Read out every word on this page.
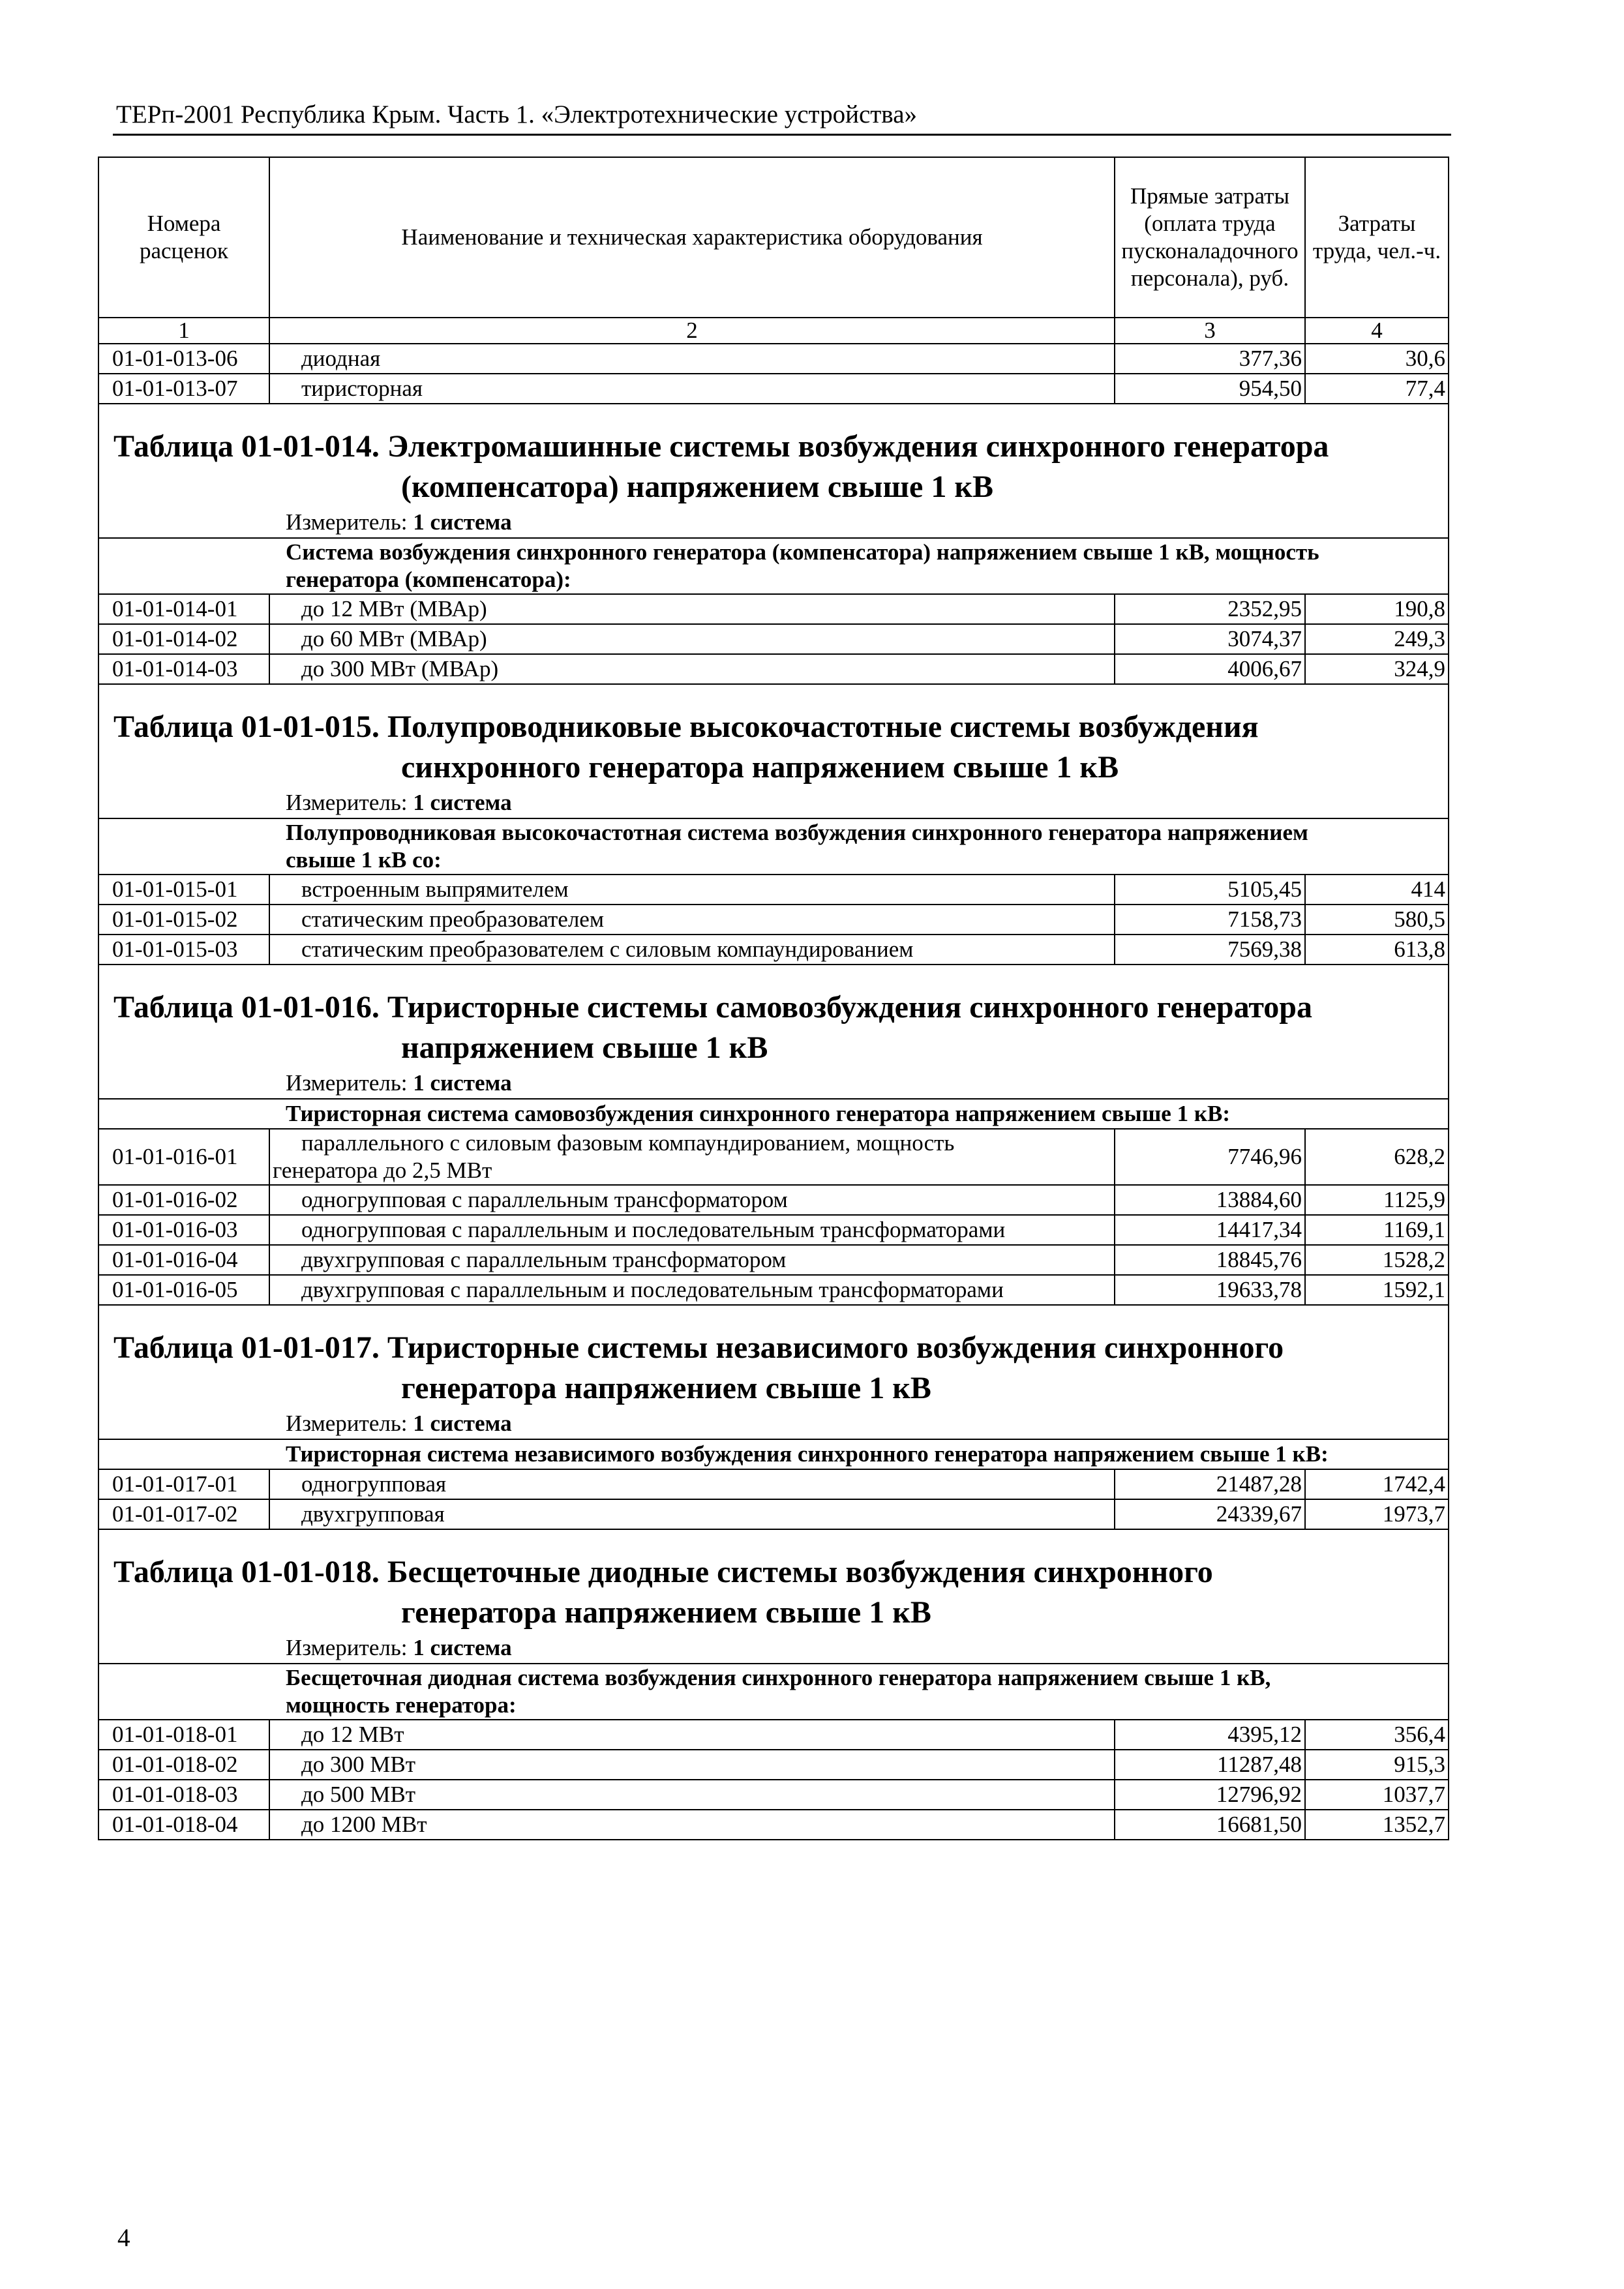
ТЕРп-2001 Республика Крым. Часть 1. «Электротехнические устройства»
Номера расценок	Наименование и техническая характеристика оборудования	Прямые затраты (оплата труда пусконаладочного персонала), руб.	Затраты труда, чел.-ч.
1	2	3	4
01-01-013-06	диодная	377,36	30,6
01-01-013-07	тиристорная	954,50	77,4

Таблица 01-01-014. Электромашинные системы возбуждения синхронного генератора
(компенсатора) напряжением свыше 1 кВ			

Измеритель: 1 система			

Система возбуждения синхронного генератора (компенсатора) напряжением свыше 1 кВ, мощность
генератора (компенсатора):			

01-01-014-01	до 12 МВт (МВАр)	2352,95	190,8
01-01-014-02	до 60 МВт (МВАр)	3074,37	249,3
01-01-014-03	до 300 МВт (МВАр)	4006,67	324,9

Таблица 01-01-015. Полупроводниковые высокочастотные системы возбуждения
синхронного генератора напряжением свыше 1 кВ			

Измеритель: 1 система			

Полупроводниковая высокочастотная система возбуждения синхронного генератора напряжением
свыше 1 кВ со:			

01-01-015-01	встроенным выпрямителем	5105,45	414
01-01-015-02	статическим преобразователем	7158,73	580,5
01-01-015-03	статическим преобразователем с силовым компаундированием	7569,38	613,8

Таблица 01-01-016. Тиристорные системы самовозбуждения синхронного генератора
напряжением свыше 1 кВ			

Измеритель: 1 система			

Тиристорная система самовозбуждения синхронного генератора напряжением свыше 1 кВ:			

01-01-016-01	параллельного с силовым фазовым компаундированием, мощность
генератора до 2,5 МВт	7746,96	628,2
01-01-016-02	одногрупповая с параллельным трансформатором	13884,60	1125,9
01-01-016-03	одногрупповая с параллельным и последовательным трансформаторами	14417,34	1169,1
01-01-016-04	двухгрупповая с параллельным трансформатором	18845,76	1528,2
01-01-016-05	двухгрупповая с параллельным и последовательным трансформаторами	19633,78	1592,1

Таблица 01-01-017. Тиристорные системы независимого возбуждения синхронного
генератора напряжением свыше 1 кВ			

Измеритель: 1 система			

Тиристорная система независимого возбуждения синхронного генератора напряжением свыше 1 кВ:			

01-01-017-01	одногрупповая	21487,28	1742,4
01-01-017-02	двухгрупповая	24339,67	1973,7

Таблица 01-01-018. Бесщеточные диодные системы возбуждения синхронного
генератора напряжением свыше 1 кВ			

Измеритель: 1 система			

Бесщеточная диодная система возбуждения синхронного генератора напряжением свыше 1 кВ,
мощность генератора:			

01-01-018-01	до 12 МВт	4395,12	356,4
01-01-018-02	до 300 МВт	11287,48	915,3
01-01-018-03	до 500 МВт	12796,92	1037,7
01-01-018-04	до 1200 МВт	16681,50	1352,7
4
